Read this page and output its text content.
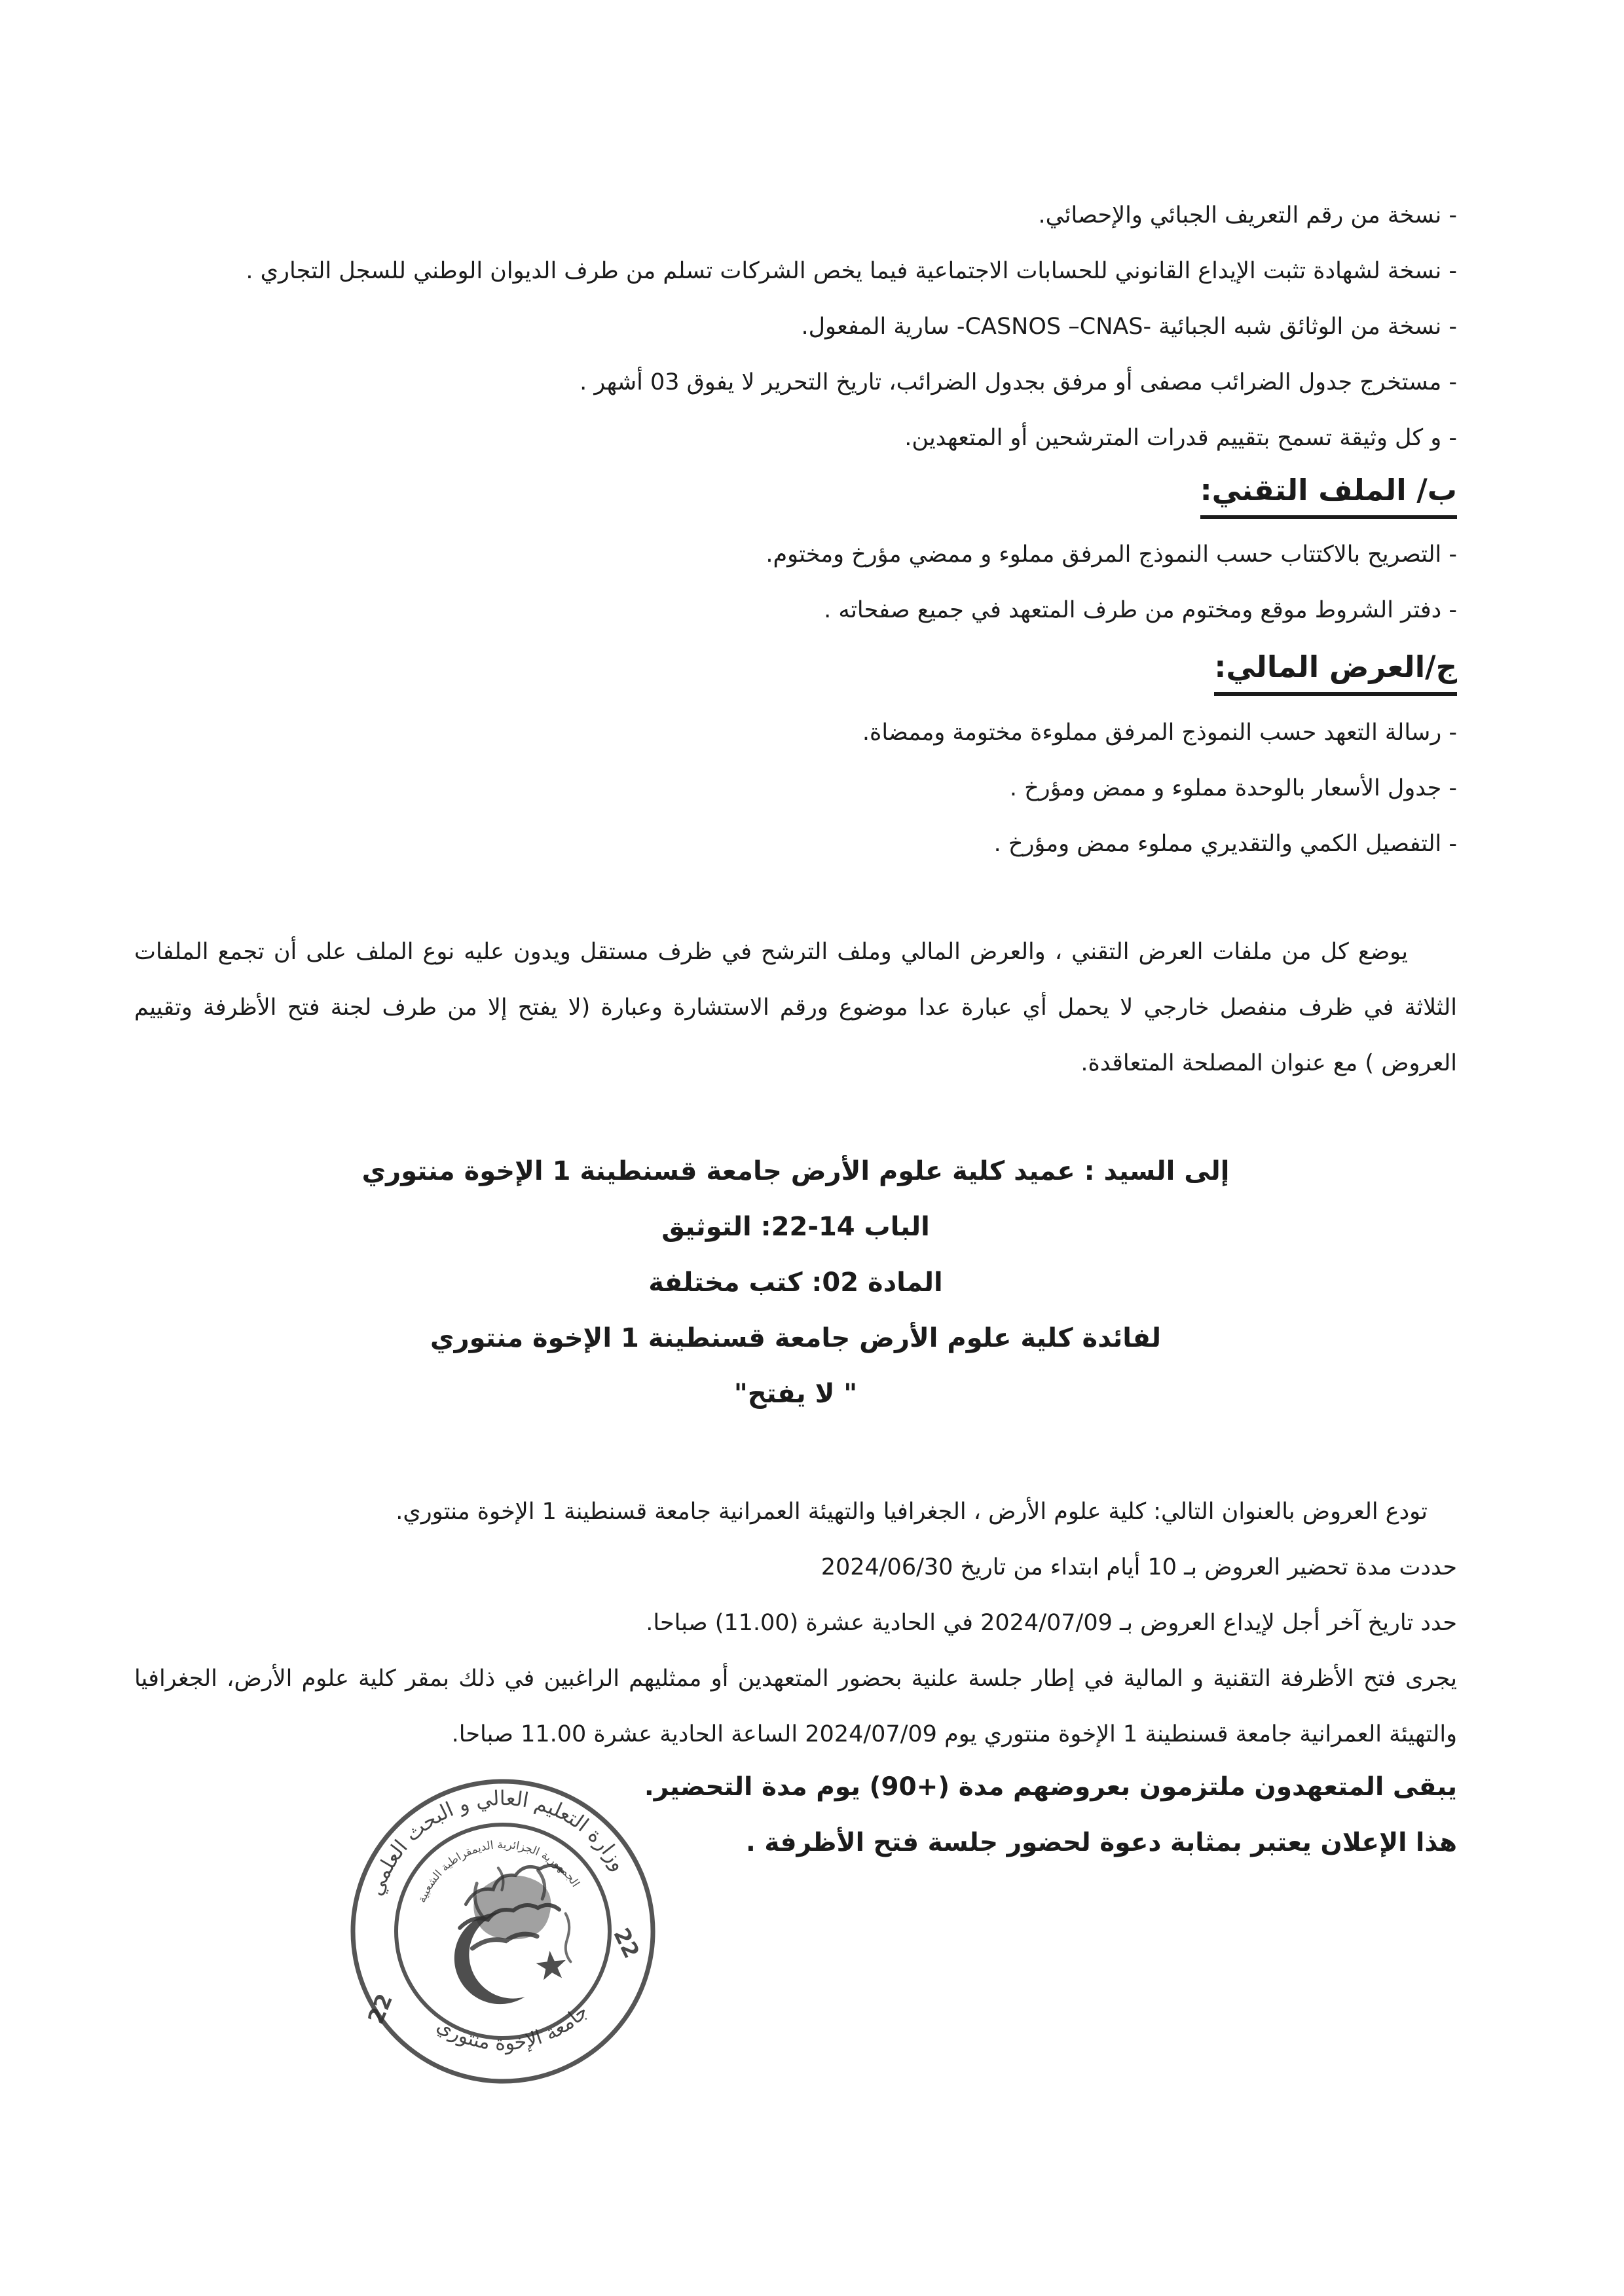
- نسخة من رقم التعريف الجبائي والإحصائي.
- نسخة لشهادة تثبت الإيداع القانوني للحسابات الاجتماعية فيما يخص الشركات تسلم من طرف الديوان الوطني للسجل التجاري .
- نسخة من الوثائق شبه الجبائية -CASNOS –CNAS- سارية المفعول.
- مستخرج جدول الضرائب مصفى أو مرفق بجدول الضرائب، تاريخ التحرير لا يفوق 03 أشهر .
- و كل وثيقة تسمح بتقييم قدرات المترشحين أو المتعهدين.
ب/ الملف التقني:
- التصريح بالاكتتاب حسب النموذج المرفق مملوء و ممضي مؤرخ ومختوم.
- دفتر الشروط موقع ومختوم من طرف المتعهد في جميع صفحاته .
ج/العرض المالي:
- رسالة التعهد حسب النموذج المرفق مملوءة مختومة وممضاة.
- جدول الأسعار بالوحدة مملوء و ممض ومؤرخ .
- التفصيل الكمي والتقديري مملوء ممض ومؤرخ .
يوضع كل من ملفات العرض التقني ، والعرض المالي وملف الترشح في ظرف مستقل ويدون عليه نوع الملف على أن تجمع الملفات الثلاثة في ظرف منفصل خارجي لا يحمل أي عبارة عدا موضوع ورقم الاستشارة وعبارة (لا يفتح إلا من طرف لجنة فتح الأظرفة وتقييم العروض ) مع عنوان المصلحة المتعاقدة.
إلى السيد : عميد كلية علوم الأرض جامعة قسنطينة 1 الإخوة منتوري
الباب 14-22: التوثيق
المادة 02: كتب مختلفة
لفائدة كلية علوم الأرض جامعة قسنطينة 1 الإخوة منتوري
" لا يفتح"
تودع العروض بالعنوان التالي: كلية علوم الأرض ، الجغرافيا والتهيئة العمرانية جامعة قسنطينة 1 الإخوة منتوري.
حددت مدة تحضير العروض بـ 10 أيام ابتداء من تاريخ 2024/06/30
حدد تاريخ آخر أجل لإيداع العروض بـ 2024/07/09 في الحادية عشرة (11.00) صباحا.
يجرى فتح الأظرفة التقنية و المالية في إطار جلسة علنية بحضور المتعهدين أو ممثليهم الراغبين في ذلك بمقر كلية علوم الأرض، الجغرافيا والتهيئة العمرانية جامعة قسنطينة 1 الإخوة منتوري يوم 2024/07/09 الساعة الحادية عشرة 11.00 صباحا.
يبقى المتعهدون ملتزمون بعروضهم مدة (+90) يوم مدة التحضير.
هذا الإعلان يعتبر بمثابة دعوة لحضور جلسة فتح الأظرفة .
وزارة التعليم العالي و البحث العلمي
جامعة الإخوة منتوري
الجمهورية الجزائرية الديمقراطية الشعبية
22
22
